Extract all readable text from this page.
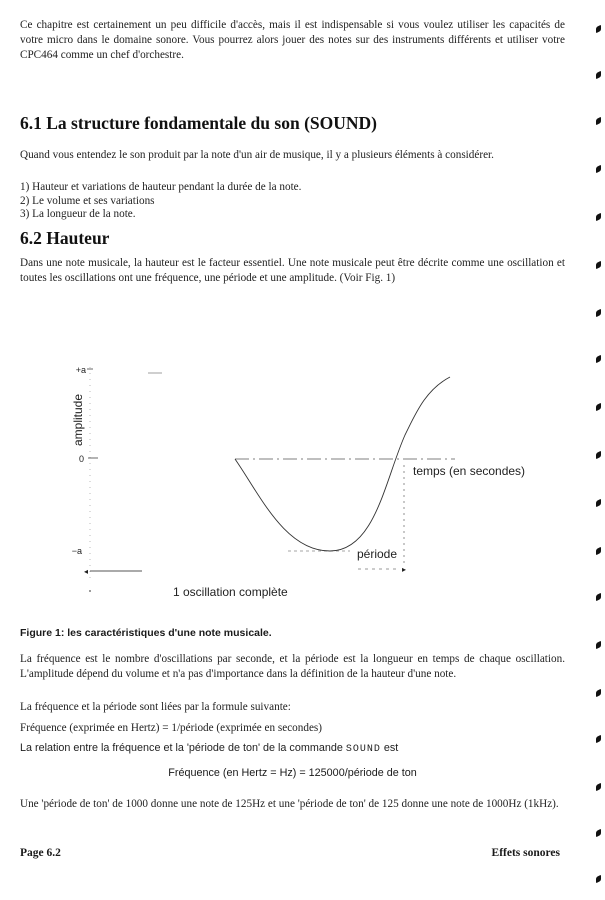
Ce chapitre est certainement un peu difficile d'accès, mais il est indispensable si vous voulez utiliser les capacités de votre micro dans le domaine sonore. Vous pourrez alors jouer des notes sur des instruments différents et utiliser votre CPC464 comme un chef d'orchestre.

6.1 La structure fondamentale du son (SOUND)

Quand vous entendez le son produit par la note d'un air de musique, il y a plusieurs éléments à considérer.

1) Hauteur et variations de hauteur pendant la durée de la note.

2) Le volume et ses variations

3) La longueur de la note.

6.2 Hauteur

Dans une note musicale, la hauteur est le facteur essentiel. Une note musicale peut être décrite comme une oscillation et toutes les oscillations ont une fréquence, une période et une amplitude. (Voir Fig. 1)

amplitude
+a
0
−a
▸
temps (en secondes)
période
◂
1 oscillation complète
Figure 1: les caractéristiques d'une note musicale.

La fréquence est le nombre d'oscillations par seconde, et la période est la longueur en temps de chaque oscillation. L'amplitude dépend du volume et n'a pas d'importance dans la définition de la hauteur d'une note.

La fréquence et la période sont liées par la formule suivante:

Fréquence (exprimée en Hertz) = 1/période (exprimée en secondes)

La relation entre la fréquence et la 'période de ton' de la commande SOUND est

Fréquence (en Hertz = Hz) = 125000/période de ton

Une 'période de ton' de 1000 donne une note de 125Hz et une 'période de ton' de 125 donne une note de 1000Hz (1kHz).

Page 6.2	Effets sonores
